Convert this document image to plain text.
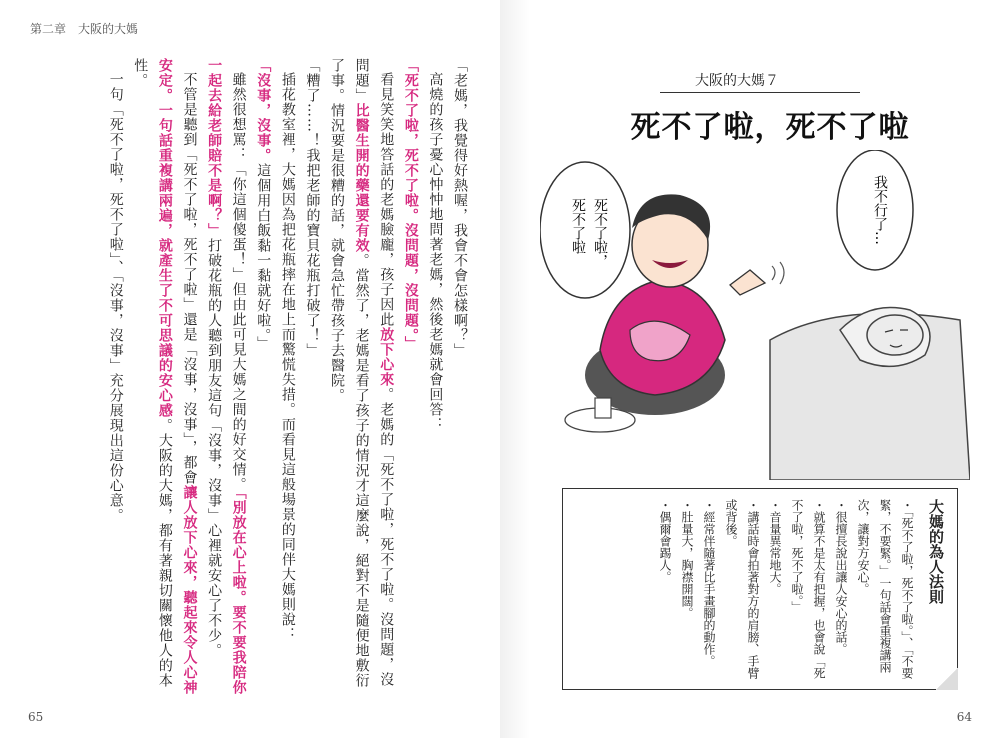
第二章　大阪的大媽
65	64

「老媽，我覺得好熱喔，我會不會怎樣啊？」

高燒的孩子憂心忡忡地問著老媽，然後老媽就會回答：

「死不了啦，死不了啦。沒問題，沒問題。」

看見笑笑地答話的老媽臉龐，孩子因此放下心來。老媽的「死不了啦，死不了啦。沒問題，沒問題」比醫生開的藥還要有效。當然了，老媽是看了孩子的情況才這麼說，絕對不是隨便地敷衍了事。情況要是很糟的話，就會急忙帶孩子去醫院。

「糟了……！我把老師的寶貝花瓶打破了！」

插花教室裡，大媽因為把花瓶摔在地上而驚慌失措。而看見這般場景的同伴大媽則說：

「沒事，沒事。這個用白飯黏一黏就好啦。」

雖然很想罵：「你這個傻蛋！」但由此可見大媽之間的好交情。「別放在心上啦。要不要我陪你一起去給老師賠不是啊？」打破花瓶的人聽到朋友這句「沒事，沒事」心裡就安心了不少。

不管是聽到「死不了啦，死不了啦」還是「沒事，沒事」，都會讓人放下心來，聽起來令人心神安定。一句話重複講兩遍，就產生了不可思議的安心感。大阪的大媽，都有著親切關懷他人的本性。

一句「死不了啦，死不了啦」、「沒事，沒事」充分展現出這份心意。	大阪的大媽７
死不了啦，死不了啦
死不了啦，
死不了啦	我不行了…
大媽的為人法則
・「死不了啦，死不了啦。」、「不要緊，不要緊。」一句話會重複講兩次，讓對方安心。
・很擅長說出讓人安心的話。
・就算不是太有把握，也會說「死不了啦，死不了啦。」
・音量異常地大。
・講話時會拍著對方的肩膀、手臂或背後。
・經常伴隨著比手畫腳的動作。
・肚量大，胸襟開闊。
・偶爾會踢人。
